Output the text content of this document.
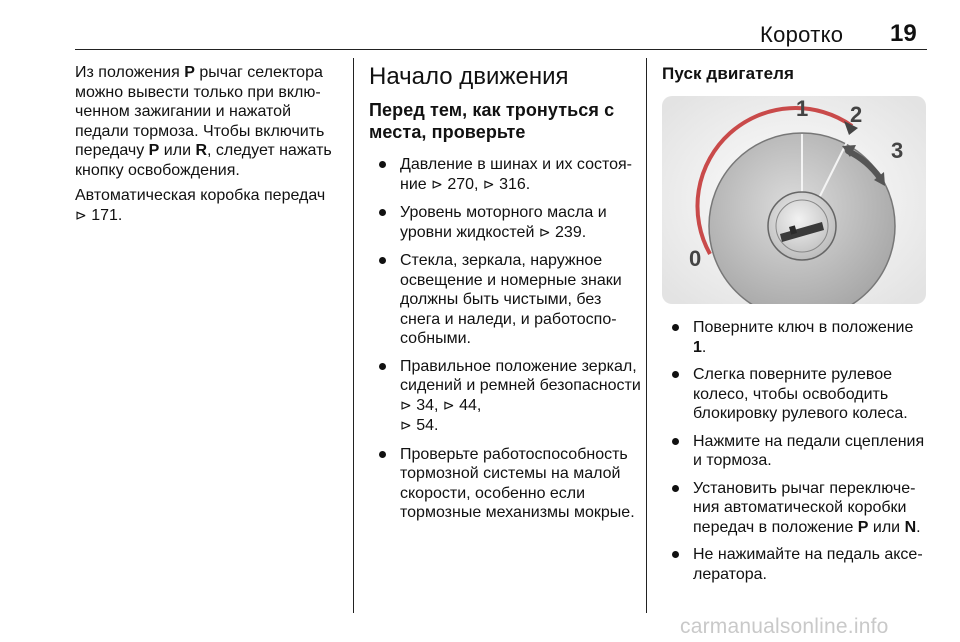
Коротко 19

Из положения P рычаг селектора можно вывести только при включенном зажигании и нажатой педали тормоза. Чтобы включить передачу P или R, следует нажать кнопку освобождения.

Автоматическая коробка передач
⊳ 171.

Начало движения
Перед тем, как тронуться с места, проверьте
Давление в шинах и их состояние ⊳ 270, ⊳ 316.
Уровень моторного масла и уровни жидкостей ⊳ 239.
Стекла, зеркала, наружное освещение и номерные знаки должны быть чистыми, без снега и наледи, и работоспособными.
Правильное положение зеркал, сидений и ремней безопасности ⊳ 34, ⊳ 44,
⊳ 54.
Проверьте работоспособность тормозной системы на малой скорости, особенно если тормозные механизмы мокрые.
Пуск двигателя
0
1 2
3
Поверните ключ в положение 1.
Слегка поверните рулевое колесо, чтобы освободить блокировку рулевого колеса.
Нажмите на педали сцепления и тормоза.
Установить рычаг переключения автоматической коробки передач в положение P или N.
Не нажимайте на педаль акселератора.
carmanualsonline.info
